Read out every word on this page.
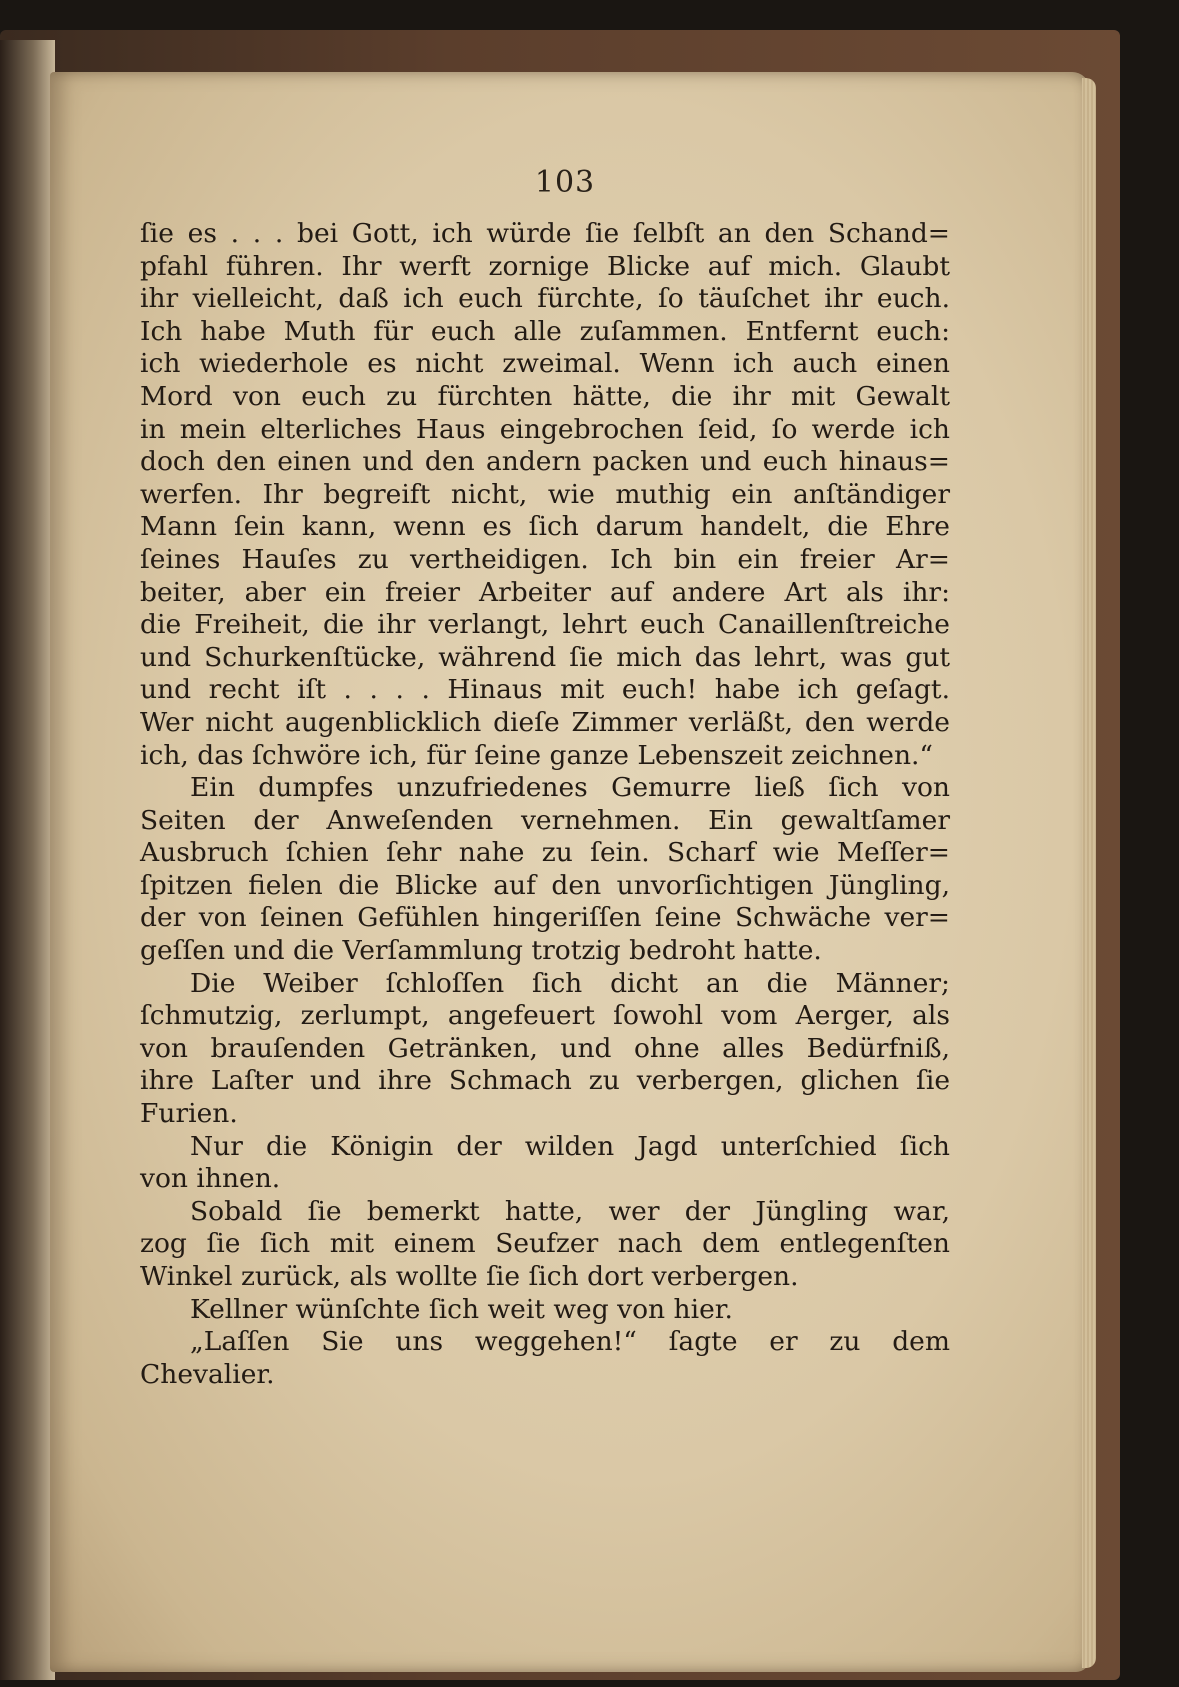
103
ſie es . . . bei Gott, ich würde ſie ſelbſt an den Schand=
pfahl führen. Ihr werft zornige Blicke auf mich. Glaubt
ihr vielleicht, daß ich euch fürchte, ſo täuſchet ihr euch.
Ich habe Muth für euch alle zuſammen. Entfernt euch:
ich wiederhole es nicht zweimal. Wenn ich auch einen
Mord von euch zu fürchten hätte, die ihr mit Gewalt
in mein elterliches Haus eingebrochen ſeid, ſo werde ich
doch den einen und den andern packen und euch hinaus=
werfen. Ihr begreift nicht, wie muthig ein anſtändiger
Mann ſein kann, wenn es ſich darum handelt, die Ehre
ſeines Hauſes zu vertheidigen. Ich bin ein freier Ar=
beiter, aber ein freier Arbeiter auf andere Art als ihr:
die Freiheit, die ihr verlangt, lehrt euch Canaillenſtreiche
und Schurkenſtücke, während ſie mich das lehrt, was gut
und recht iſt . . . . Hinaus mit euch! habe ich geſagt.
Wer nicht augenblicklich dieſe Zimmer verläßt, den werde
ich, das ſchwöre ich, für ſeine ganze Lebenszeit zeichnen.“
Ein dumpfes unzufriedenes Gemurre ließ ſich von
Seiten der Anweſenden vernehmen. Ein gewaltſamer
Ausbruch ſchien ſehr nahe zu ſein. Scharf wie Meſſer=
ſpitzen fielen die Blicke auf den unvorſichtigen Jüngling,
der von ſeinen Gefühlen hingeriſſen ſeine Schwäche ver=
geſſen und die Verſammlung trotzig bedroht hatte.
Die Weiber ſchloſſen ſich dicht an die Männer;
ſchmutzig, zerlumpt, angefeuert ſowohl vom Aerger, als
von brauſenden Getränken, und ohne alles Bedürfniß,
ihre Laſter und ihre Schmach zu verbergen, glichen ſie
Furien.
Nur die Königin der wilden Jagd unterſchied ſich
von ihnen.
Sobald ſie bemerkt hatte, wer der Jüngling war,
zog ſie ſich mit einem Seufzer nach dem entlegenſten
Winkel zurück, als wollte ſie ſich dort verbergen.
Kellner wünſchte ſich weit weg von hier.
„Laſſen Sie uns weggehen!“ ſagte er zu dem
Chevalier.
